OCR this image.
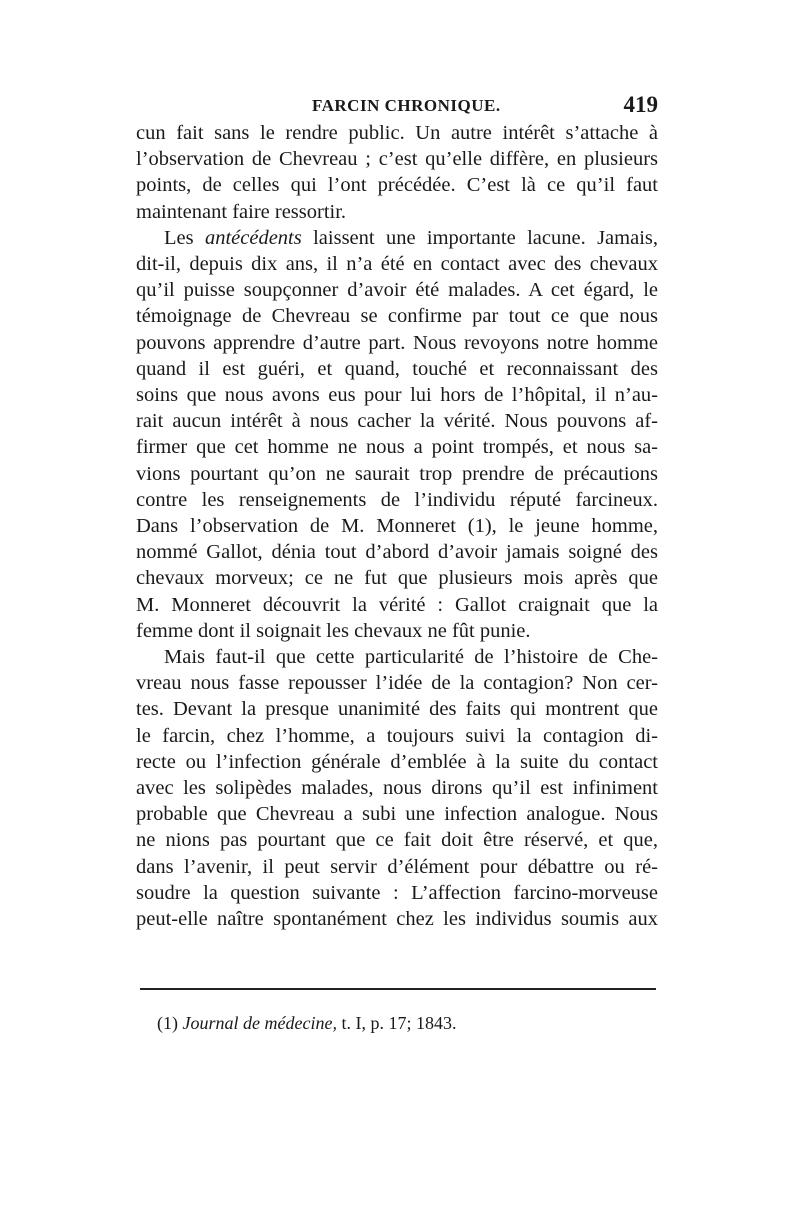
FARCIN CHRONIQUE.	419

cun fait sans le rendre public. Un autre intérêt s’attache à
l’observation de Chevreau ; c’est qu’elle diffère, en plusieurs
points, de celles qui l’ont précédée. C’est là ce qu’il faut
maintenant faire ressortir.

Les antécédents laissent une importante lacune. Jamais,
dit-il, depuis dix ans, il n’a été en contact avec des chevaux
qu’il puisse soupçonner d’avoir été malades. A cet égard, le
témoignage de Chevreau se confirme par tout ce que nous
pouvons apprendre d’autre part. Nous revoyons notre homme
quand il est guéri, et quand, touché et reconnaissant des
soins que nous avons eus pour lui hors de l’hôpital, il n’au-
rait aucun intérêt à nous cacher la vérité. Nous pouvons af-
firmer que cet homme ne nous a point trompés, et nous sa-
vions pourtant qu’on ne saurait trop prendre de précautions
contre les renseignements de l’individu réputé farcineux.
Dans l’observation de M. Monneret (1), le jeune homme,
nommé Gallot, dénia tout d’abord d’avoir jamais soigné des
chevaux morveux; ce ne fut que plusieurs mois après que
M. Monneret découvrit la vérité : Gallot craignait que la
femme dont il soignait les chevaux ne fût punie.

Mais faut-il que cette particularité de l’histoire de Che-
vreau nous fasse repousser l’idée de la contagion? Non cer-
tes. Devant la presque unanimité des faits qui montrent que
le farcin, chez l’homme, a toujours suivi la contagion di-
recte ou l’infection générale d’emblée à la suite du contact
avec les solipèdes malades, nous dirons qu’il est infiniment
probable que Chevreau a subi une infection analogue. Nous
ne nions pas pourtant que ce fait doit être réservé, et que,
dans l’avenir, il peut servir d’élément pour débattre ou ré-
soudre la question suivante : L’affection farcino-morveuse
peut-elle naître spontanément chez les individus soumis aux

(1) Journal de médecine, t. I, p. 17; 1843.
